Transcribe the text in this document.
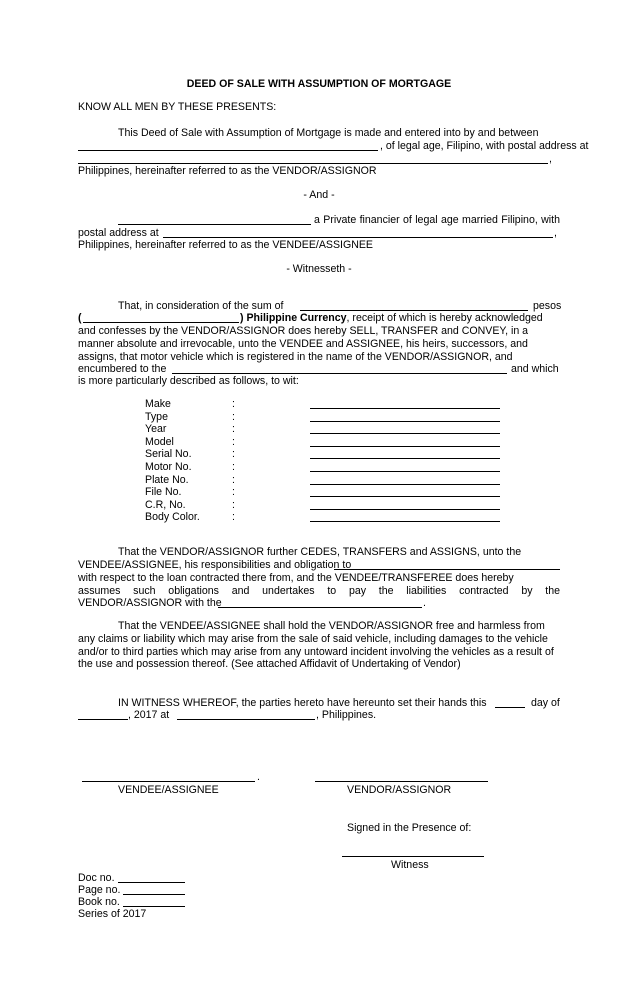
DEED OF SALE WITH ASSUMPTION OF MORTGAGE
KNOW ALL MEN BY THESE PRESENTS:
This Deed of Sale with Assumption of Mortgage is made and entered into by and between
, of legal age, Filipino, with postal address at
,
Philippines, hereinafter referred to as the VENDOR/ASSIGNOR
- And -
a Private financier of legal age married Filipino, with
postal address at	,
Philippines, hereinafter referred to as the VENDEE/ASSIGNEE
- Witnesseth -
That, in consideration of the sum of	pesos
(	) Philippine Currency, receipt of which is hereby acknowledged
and confesses by the VENDOR/ASSIGNOR does hereby SELL, TRANSFER and CONVEY, in a
manner absolute and irrevocable, unto the VENDEE and ASSIGNEE, his heirs, successors, and
assigns, that motor vehicle which is registered in the name of the VENDOR/ASSIGNOR, and
encumbered to the	and which
is more particularly described as follows, to wit:
Make	:
Type	:
Year	:
Model	:
Serial No.	:
Motor No.	:
Plate No.	:
File No.	:
C.R, No.	:
Body Color.	:
That the VENDOR/ASSIGNOR further CEDES, TRANSFERS and ASSIGNS, unto the
VENDEE/ASSIGNEE, his responsibilities and obligation to
with respect to the loan contracted there from, and the VENDEE/TRANSFEREE does hereby
assumes such obligations and undertakes to pay the liabilities contracted by the
VENDOR/ASSIGNOR with the	.
That the VENDEE/ASSIGNEE shall hold the VENDOR/ASSIGNOR free and harmless from
any claims or liability which may arise from the sale of said vehicle, including damages to the vehicle
and/or to third parties which may arise from any untoward incident involving the vehicles as a result of
the use and possession thereof. (See attached Affidavit of Undertaking of Vendor)
IN WITNESS WHEREOF, the parties hereto have hereunto set their hands this	day of
, 2017 at	, Philippines.
.
VENDEE/ASSIGNEE	VENDOR/ASSIGNOR
Signed in the Presence of:
Witness
Doc no.
Page no.
Book no.
Series of 2017
